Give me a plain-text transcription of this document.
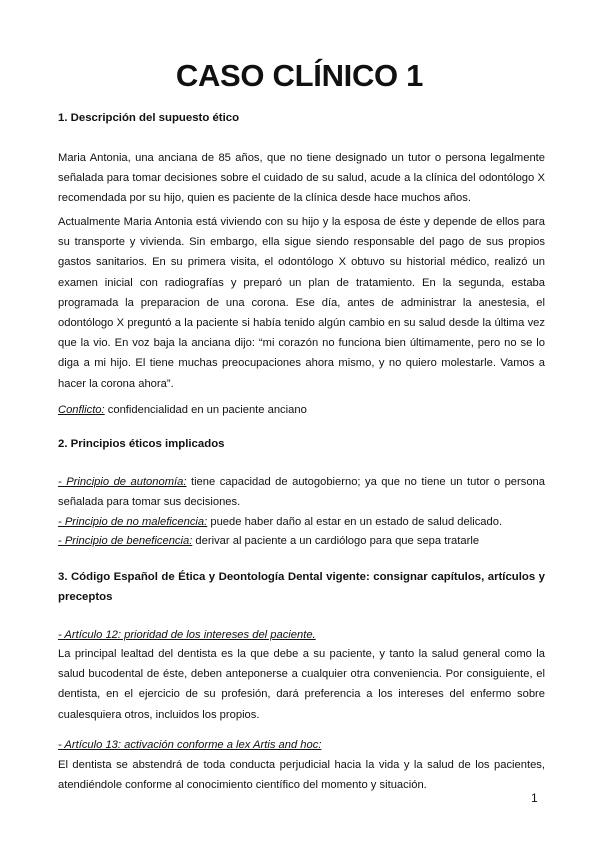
CASO CLÍNICO 1

1. Descripción del supuesto ético

Maria Antonia, una anciana de 85 años, que no tiene designado un tutor o persona legalmente señalada para tomar decisiones sobre el cuidado de su salud, acude a la clínica del odontólogo X recomendada por su hijo, quien es paciente de la clínica desde hace muchos años.

Actualmente Maria Antonia está viviendo con su hijo y la esposa de éste y depende de ellos para su transporte y vivienda. Sin embargo, ella sigue siendo responsable del pago de sus propios gastos sanitarios. En su primera visita, el odontólogo X obtuvo su historial médico, realizó un examen inicial con radiografías y preparó un plan de tratamiento. En la segunda, estaba programada la preparacion de una corona. Ese día, antes de administrar la anestesia, el odontólogo X preguntó a la paciente si había tenido algún cambio en su salud desde la última vez que la vio. En voz baja la anciana dijo: “mi corazón no funciona bien últimamente, pero no se lo diga a mi hijo. El tiene muchas preocupaciones ahora mismo, y no quiero molestarle. Vamos a hacer la corona ahora”.

Conflicto: confidencialidad en un paciente anciano

2. Principios éticos implicados

- Principio de autonomía: tiene capacidad de autogobierno; ya que no tiene un tutor o persona señalada para tomar sus decisiones.

- Principio de no maleficencia: puede haber daño al estar en un estado de salud delicado.

- Principio de beneficencia: derivar al paciente a un cardiólogo para que sepa tratarle

3. Código Español de Ética y Deontología Dental vigente: consignar capítulos, artículos y preceptos

- Artículo 12: prioridad de los intereses del paciente.

La principal lealtad del dentista es la que debe a su paciente, y tanto la salud general como la salud bucodental de éste, deben anteponerse a cualquier otra conveniencia. Por consiguiente, el dentista, en el ejercicio de su profesión, dará preferencia a los intereses del enfermo sobre cualesquiera otros, incluidos los propios.

- Artículo 13: activación conforme a lex Artis and hoc:

El dentista se abstendrá de toda conducta perjudicial hacia la vida y la salud de los pacientes, atendiéndole conforme al conocimiento científico del momento y situación.

1
